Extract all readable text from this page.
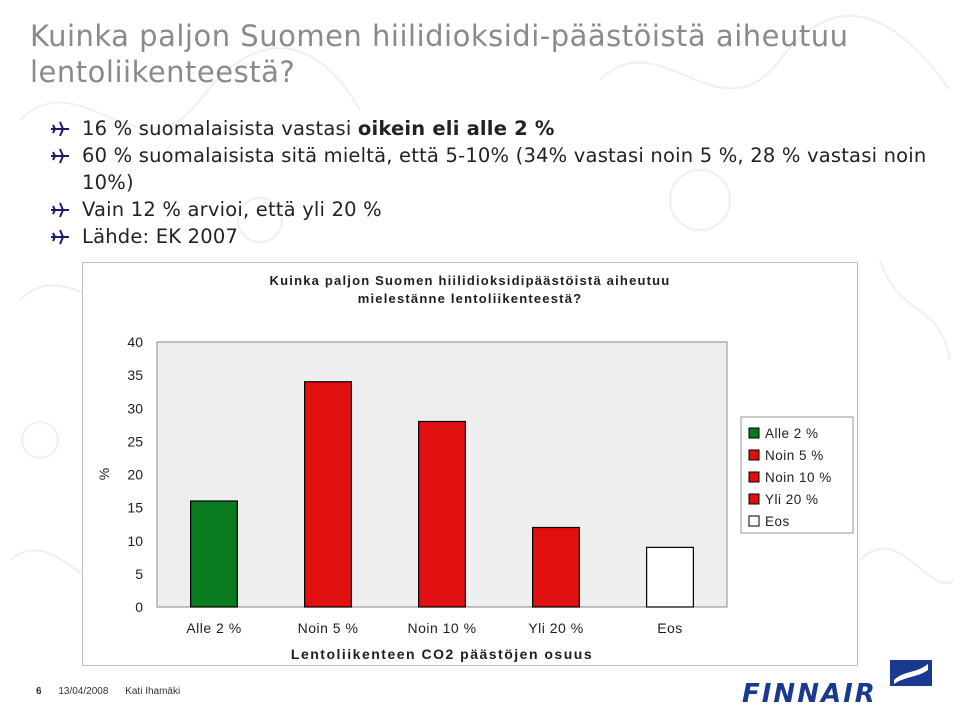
Kuinka paljon Suomen hiilidioksidi-päästöistä aiheutuu lentoliikenteestä?
16 % suomalaisista vastasi oikein eli alle 2 %
60 % suomalaisista sitä mieltä, että 5-10% (34% vastasi noin 5 %, 28 % vastasi noin 10%)
Vain 12 % arvioi, että yli 20 %
Lähde: EK 2007
Kuinka paljon Suomen hiilidioksidipäästöistä aiheutuu
mielestänne lentoliikenteestä?
0
5
10
15
20
25
30
35
40
Alle 2 %	Noin 5 %	Noin 10 %	Yli 20 %	Eos
%
Lentoliikenteen CO2 päästöjen osuus
Alle 2 %
Noin 5 %
Noin 10 %
Yli 20 %
Eos
6 13/04/2008 Kati Ihamäki	FINNAIR
